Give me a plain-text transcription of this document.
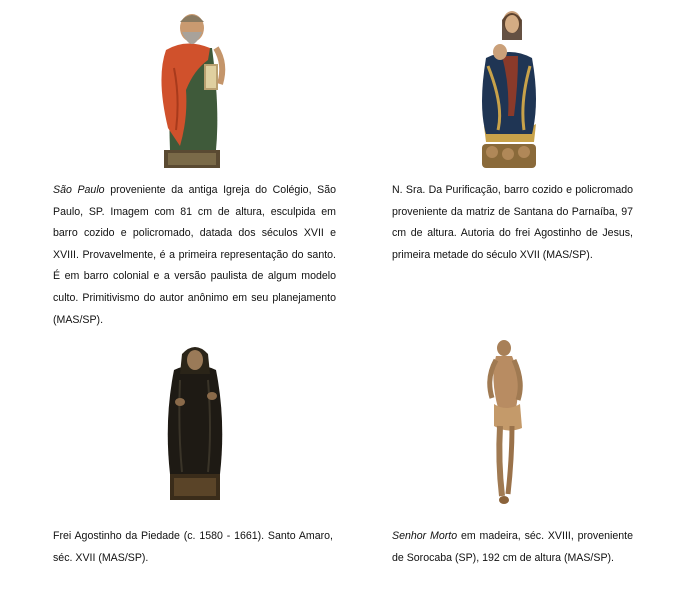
São Paulo proveniente da antiga Igreja do Colégio, São Paulo, SP. Imagem com 81 cm de altura, esculpida em barro cozido e policromado, datada dos séculos XVII e XVIII. Provavelmente, é a primeira representação do santo. É em barro colonial e a versão paulista de algum modelo culto. Primitivismo do autor anônimo em seu planejamento (MAS/SP).
N. Sra. Da Purificação, barro cozido e policromado proveniente da matriz de Santana do Parnaíba, 97 cm de altura. Autoria do frei Agostinho de Jesus, primeira metade do século XVII (MAS/SP).
Frei Agostinho da Piedade (c. 1580 - 1661). Santo Amaro, séc. XVII (MAS/SP).
Senhor Morto em madeira, séc. XVIII, proveniente de Sorocaba (SP), 192 cm de altura (MAS/SP).
